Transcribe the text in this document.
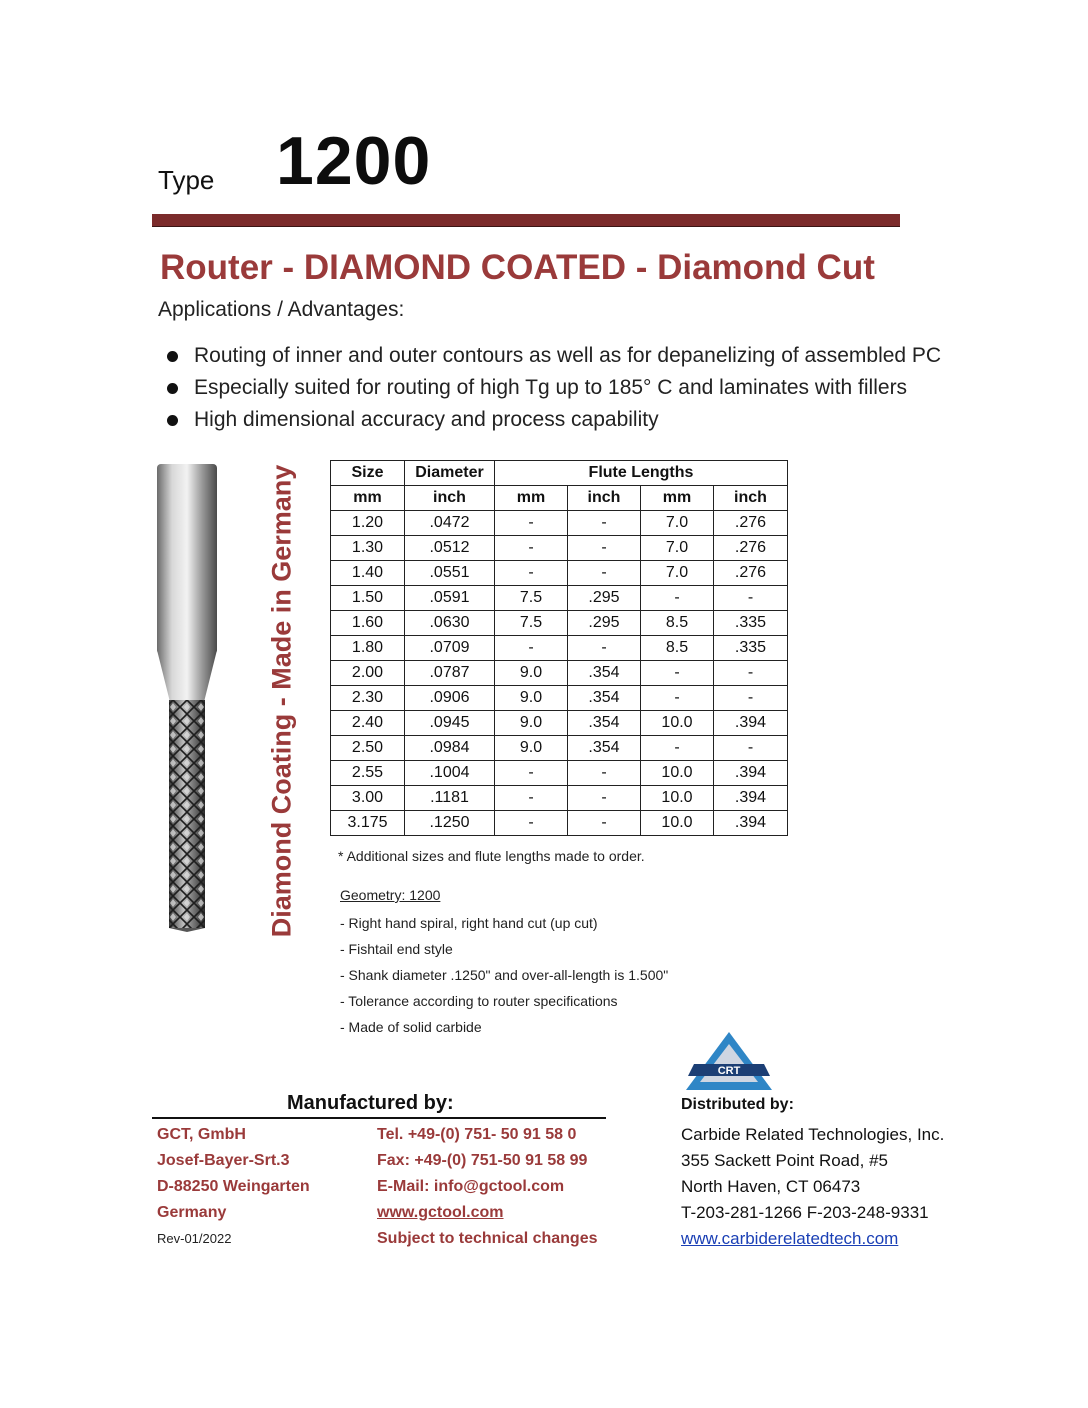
Type 1200
Router - DIAMOND COATED - Diamond Cut
Applications / Advantages:
Routing of inner and outer contours as well as for depanelizing of assembled PC
Especially suited for routing of high Tg up to 185° C and laminates with fillers
High dimensional accuracy and process capability
Diamond Coating - Made in Germany	Size	Diameter	Flute Lengths			
mm	inch	mm	inch	mm	inch
1.20	.0472	-	-	7.0	.276
1.30	.0512	-	-	7.0	.276
1.40	.0551	-	-	7.0	.276
1.50	.0591	7.5	.295	-	-
1.60	.0630	7.5	.295	8.5	.335
1.80	.0709	-	-	8.5	.335
2.00	.0787	9.0	.354	-	-
2.30	.0906	9.0	.354	-	-
2.40	.0945	9.0	.354	10.0	.394
2.50	.0984	9.0	.354	-	-
2.55	.1004	-	-	10.0	.394
3.00	.1181	-	-	10.0	.394
3.175	.1250	-	-	10.0	.394
* Additional sizes and flute lengths made to order.
Geometry: 1200
- Right hand spiral, right hand cut (up cut)
- Fishtail end style
- Shank diameter .1250" and over-all-length is 1.500"
- Tolerance according to router specifications
- Made of solid carbide
CRT
Manufactured by:
GCT, GmbH
Josef-Bayer-Srt.3
D-88250 Weingarten
Germany
Rev-01/2022
Tel. +49-(0) 751- 50 91 58 0
Fax: +49-(0) 751-50 91 58 99
E-Mail: info@gctool.com
www.gctool.com
Subject to technical changes
Distributed by:
Carbide Related Technologies, Inc.
355 Sackett Point Road, #5
North Haven, CT 06473
T-203-281-1266 F-203-248-9331
www.carbiderelatedtech.com
